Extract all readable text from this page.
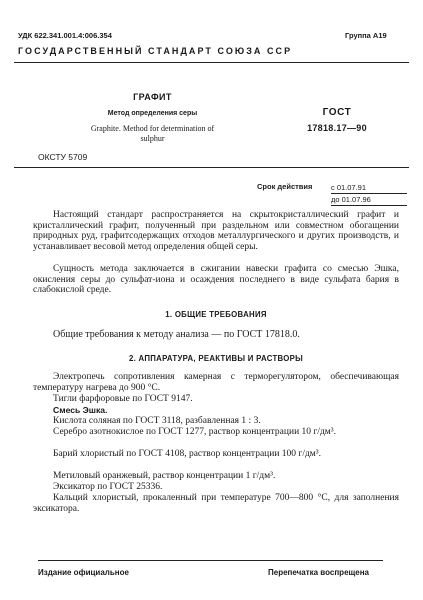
УДК 622.341.001.4:006.354	Группа А19
ГОСУДАРСТВЕННЫЙ СТАНДАРТ СОЮЗА ССР
ГРАФИТ
Метод определения серы
Graphite. Method for determination of sulphur
ГОСТ
17818.17—90
ОКСТУ 5709
Срок действия с 01.07.91
до 01.07.96
Настоящий стандарт распространяется на скрытокристаллический графит и кристаллический графит, полученный при раздельном или совместном обогащении природных руд, графитсодержащих отходов металлургического и других производств, и устанавливает весовой метод определения общей серы.
Сущность метода заключается в сжигании навески графита со смесью Эшка, окисления серы до сульфат-иона и осаждения последнего в виде сульфата бария в слабокислой среде.
1. ОБЩИЕ ТРЕБОВАНИЯ
Общие требования к методу анализа — по ГОСТ 17818.0.
2. АППАРАТУРА, РЕАКТИВЫ И РАСТВОРЫ
Электропечь сопротивления камерная с терморегулятором, обеспечивающая температуру нагрева до 900 °С.
Тигли фарфоровые по ГОСТ 9147.
Смесь Эшка.
Кислота соляная по ГОСТ 3118, разбавленная 1 : 3.
Серебро азотнокислое по ГОСТ 1277, раствор концентрации 10 г/дм³.
Барий хлористый по ГОСТ 4108, раствор концентрации 100 г/дм³.
Метиловый оранжевый, раствор концентрации 1 г/дм³.
Эксикатор по ГОСТ 25336.
Кальций хлористый, прокаленный при температуре 700—800 °С, для заполнения эксикатора.
Издание официальное	Перепечатка воспрещена
